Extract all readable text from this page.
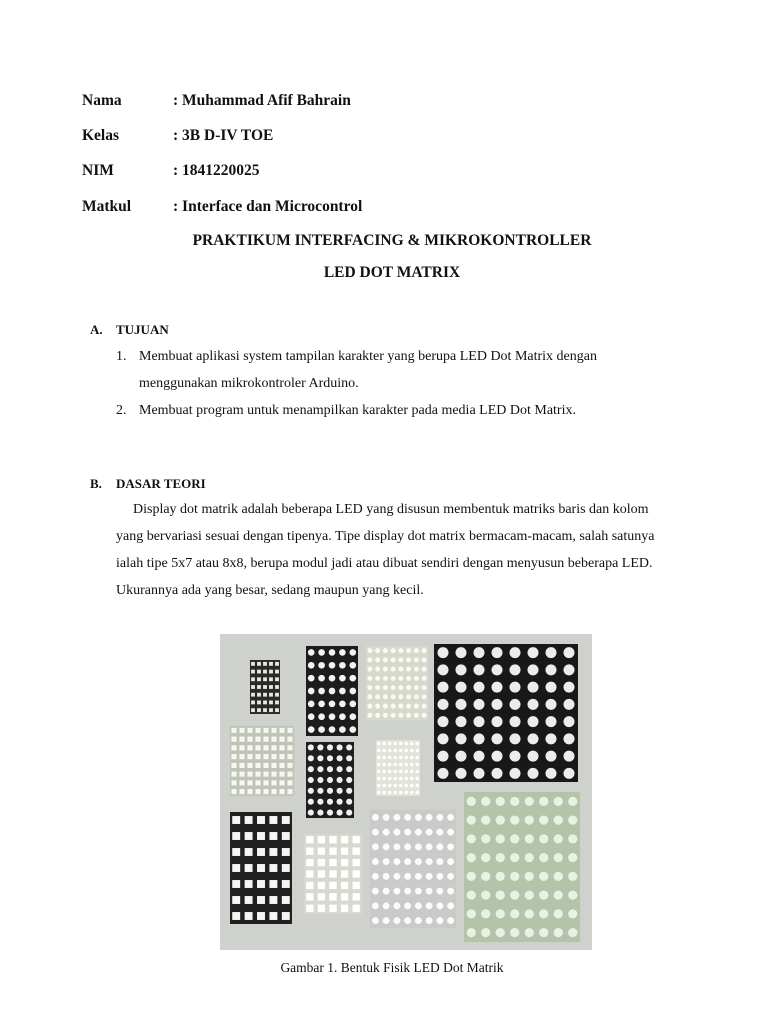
Nama	: Muhammad Afif Bahrain
Kelas	: 3B D-IV TOE
NIM	: 1841220025
Matkul	: Interface dan Microcontrol
PRAKTIKUM INTERFACING & MIKROKONTROLLER
LED DOT MATRIX
A. TUJUAN
1. Membuat aplikasi system tampilan karakter yang berupa LED Dot Matrix dengan
menggunakan mikrokontroler Arduino.
2. Membuat program untuk menampilkan karakter pada media LED Dot Matrix.
B. DASAR TEORI
Display dot matrik adalah beberapa LED yang disusun membentuk matriks baris dan kolom
yang bervariasi sesuai dengan tipenya. Tipe display dot matrix bermacam-macam, salah satunya
ialah tipe 5x7 atau 8x8, berupa modul jadi atau dibuat sendiri dengan menyusun beberapa LED.
Ukurannya ada yang besar, sedang maupun yang kecil.
Gambar 1. Bentuk Fisik LED Dot Matrik
